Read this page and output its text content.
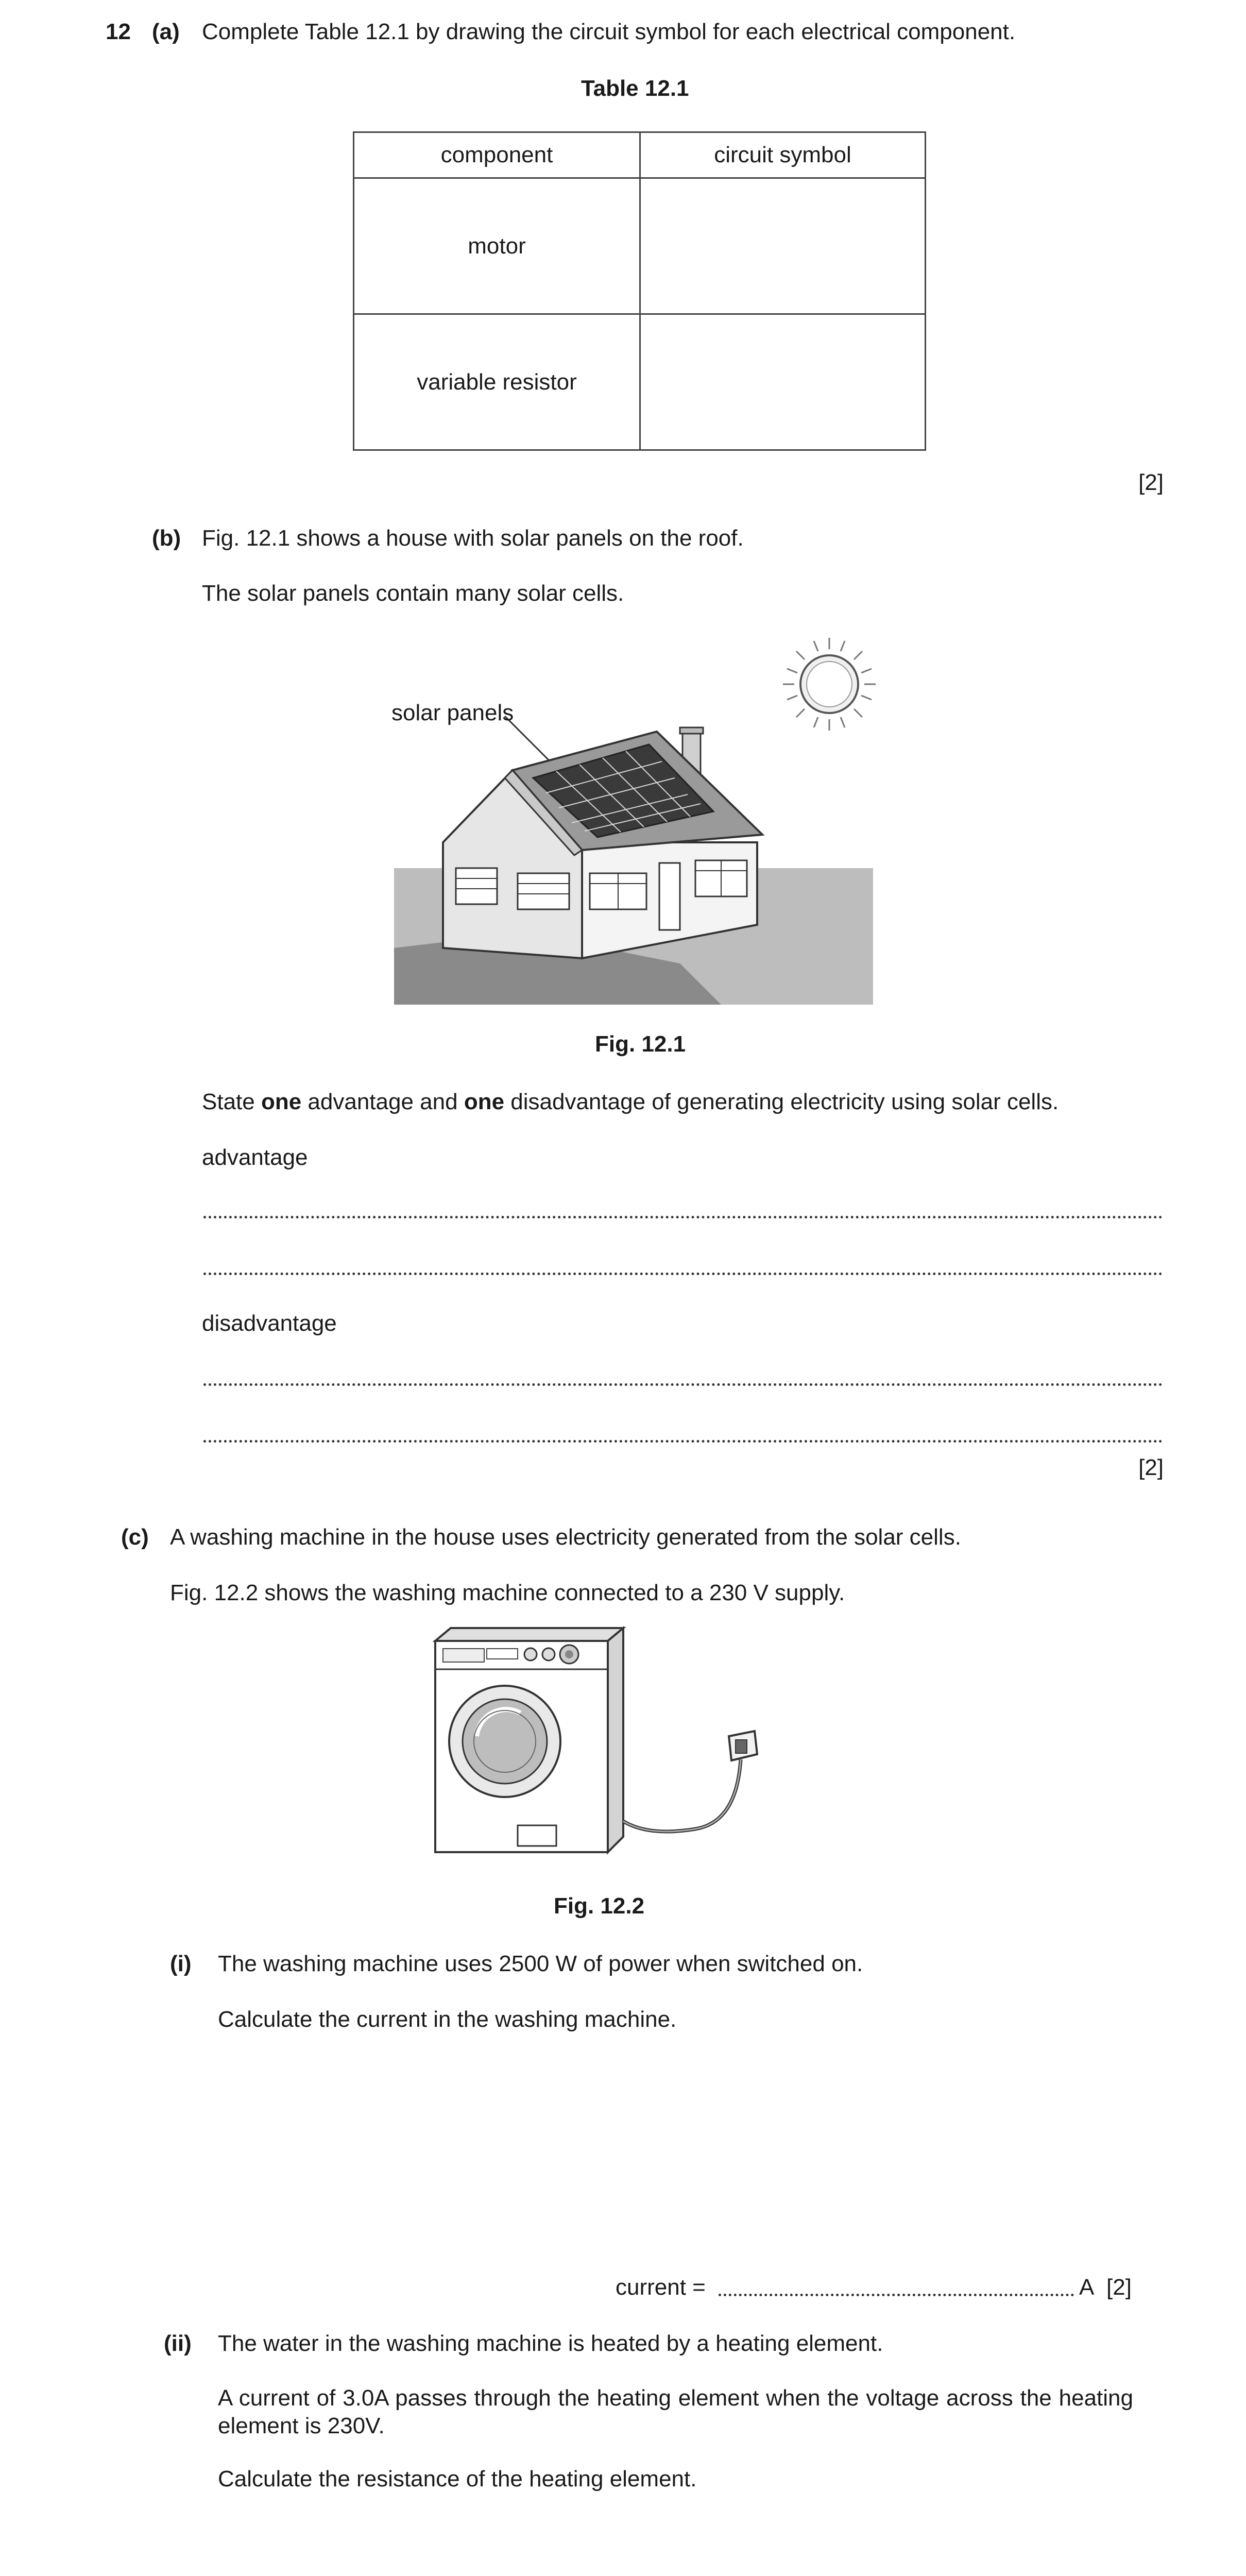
12 (a) Complete Table 12.1 by drawing the circuit symbol for each electrical component.
Table 12.1
component	circuit symbol
motor	
variable resistor	
[2]
(b) Fig. 12.1 shows a house with solar panels on the roof.
The solar panels contain many solar cells.
solar panels
Fig. 12.1
State one advantage and one disadvantage of generating electricity using solar cells.
advantage
disadvantage
[2]
(c) A washing machine in the house uses electricity generated from the solar cells.
Fig. 12.2 shows the washing machine connected to a 230 V supply.
Fig. 12.2
(i) The washing machine uses 2500 W of power when switched on.
Calculate the current in the washing machine.
current =	A [2]
(ii) The water in the washing machine is heated by a heating element.
A current of 3.0A passes through the heating element when the voltage across the heating element is 230V.
Calculate the resistance of the heating element.
